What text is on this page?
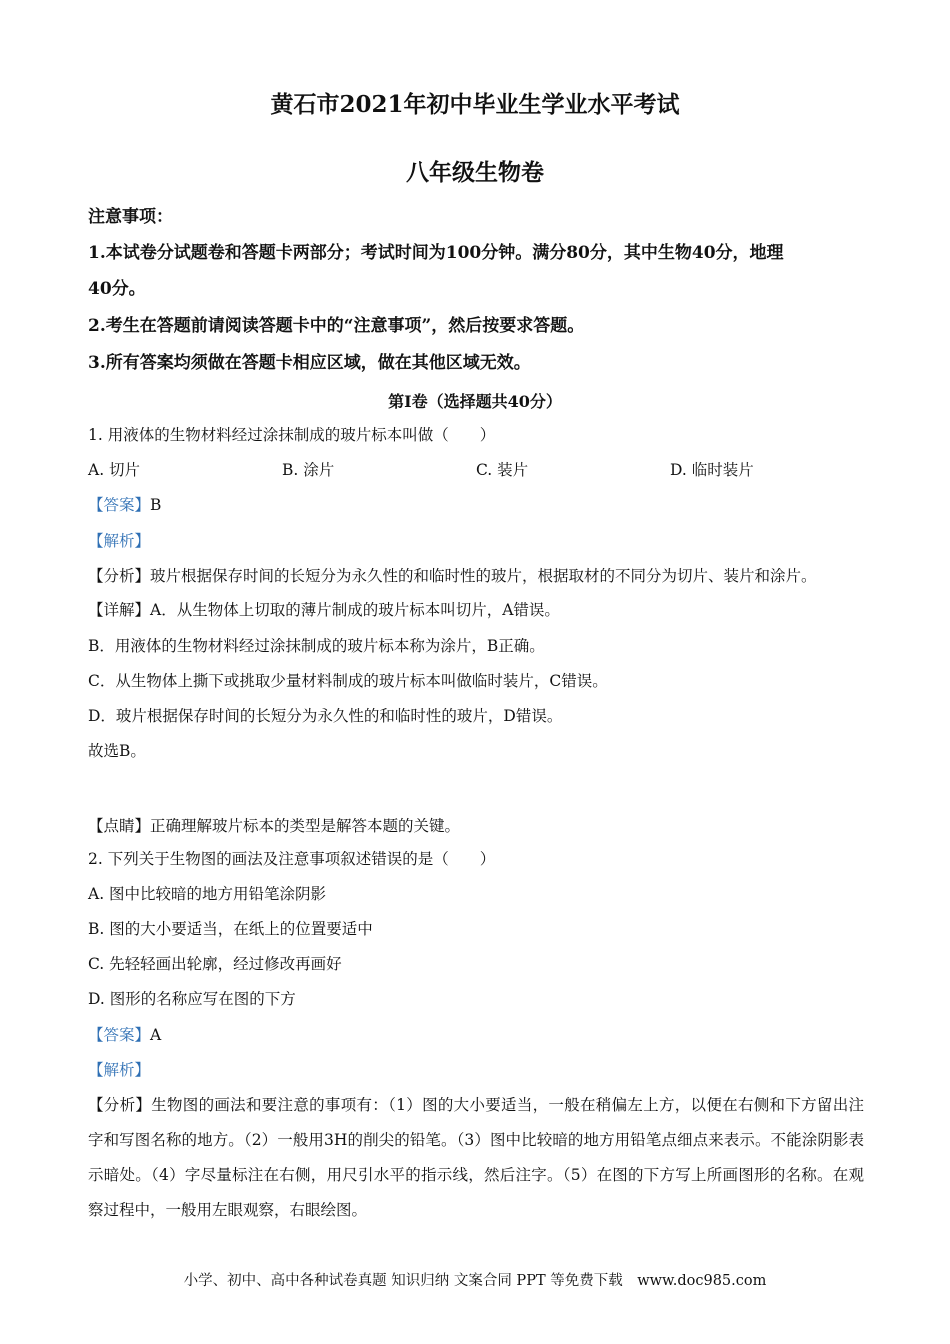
黄石市2021年初中毕业生学业水平考试
八年级生物卷
注意事项：
1.本试卷分试题卷和答题卡两部分；考试时间为100分钟。满分80分，其中生物40分，地理
40分。
2.考生在答题前请阅读答题卡中的“注意事项”，然后按要求答题。
3.所有答案均须做在答题卡相应区域，做在其他区域无效。
第I卷（选择题共40分）
1. 用液体的生物材料经过涂抹制成的玻片标本叫做（　　）
A. 切片	B. 涂片	C. 装片	D. 临时装片
【答案】B
【解析】
【分析】玻片根据保存时间的长短分为永久性的和临时性的玻片，根据取材的不同分为切片、装片和涂片。
【详解】A．从生物体上切取的薄片制成的玻片标本叫切片，A错误。
B．用液体的生物材料经过涂抹制成的玻片标本称为涂片，B正确。
C．从生物体上撕下或挑取少量材料制成的玻片标本叫做临时装片，C错误。
D．玻片根据保存时间的长短分为永久性的和临时性的玻片，D错误。
故选B。
【点睛】正确理解玻片标本的类型是解答本题的关键。
2. 下列关于生物图的画法及注意事项叙述错误的是（　　）
A. 图中比较暗的地方用铅笔涂阴影
B. 图的大小要适当，在纸上的位置要适中
C. 先轻轻画出轮廓，经过修改再画好
D. 图形的名称应写在图的下方
【答案】A
【解析】
【分析】生物图的画法和要注意的事项有：（1）图的大小要适当，一般在稍偏左上方，以便在右侧和下方留出注字和写图名称的地方。（2）一般用3H的削尖的铅笔。（3）图中比较暗的地方用铅笔点细点来表示。不能涂阴影表示暗处。（4）字尽量标注在右侧，用尺引水平的指示线，然后注字。（5）在图的下方写上所画图形的名称。在观察过程中，一般用左眼观察，右眼绘图。
小学、初中、高中各种试卷真题 知识归纳 文案合同 PPT 等免费下载　www.doc985.com
